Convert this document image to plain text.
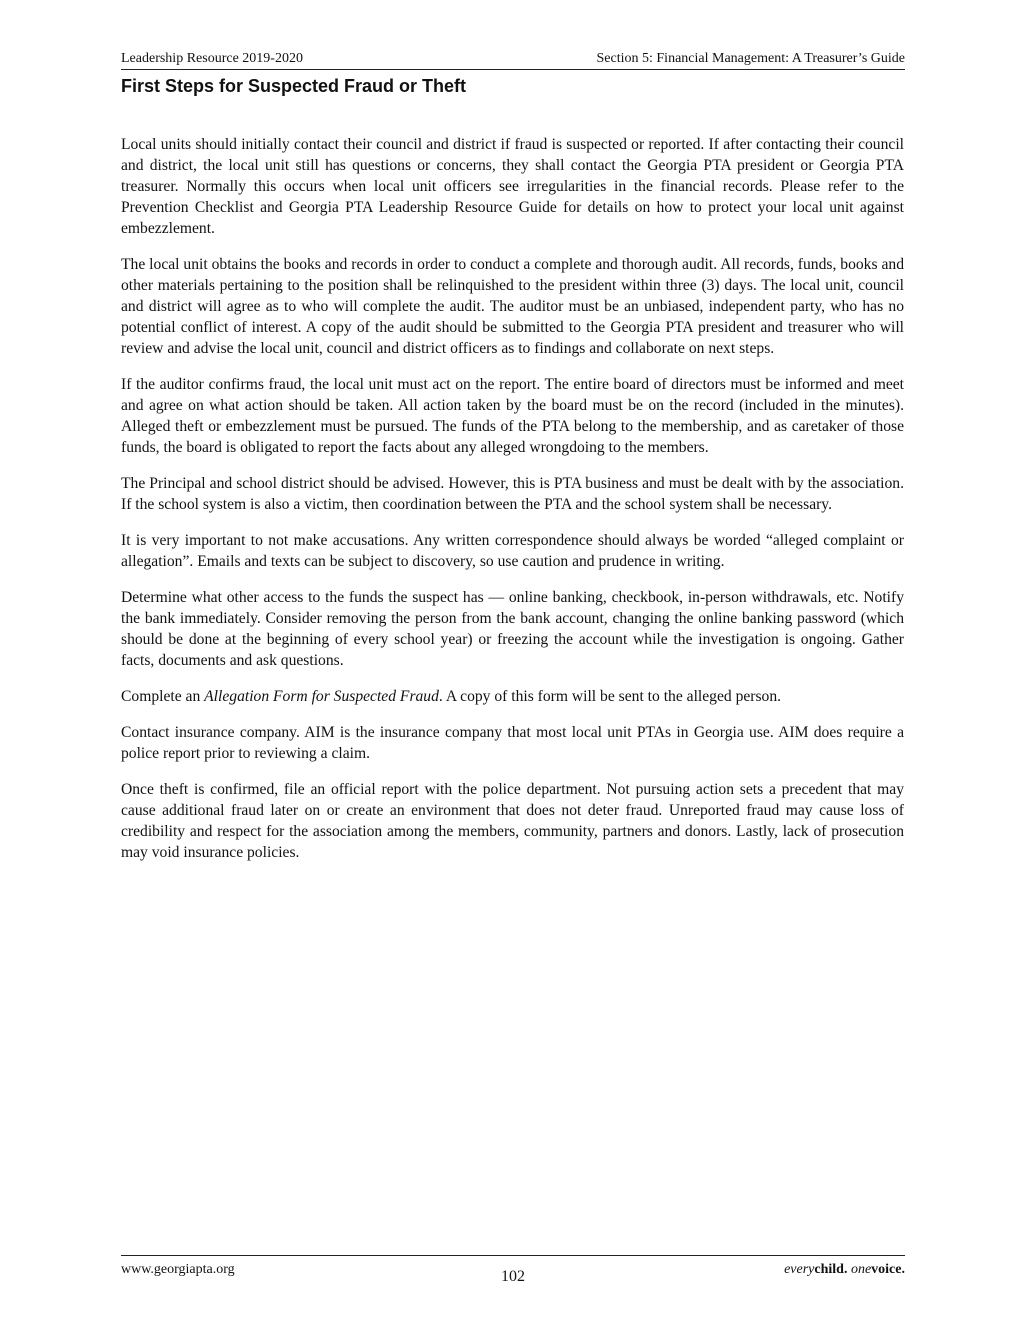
Leadership Resource 2019-2020	Section 5: Financial Management: A Treasurer’s Guide
First Steps for Suspected Fraud or Theft

Local units should initially contact their council and district if fraud is suspected or reported. If after contacting their council and district, the local unit still has questions or concerns, they shall contact the Georgia PTA president or Georgia PTA treasurer. Normally this occurs when local unit officers see irregularities in the financial records. Please refer to the Prevention Checklist and Georgia PTA Leadership Resource Guide for details on how to protect your local unit against embezzlement.

The local unit obtains the books and records in order to conduct a complete and thorough audit. All records, funds, books and other materials pertaining to the position shall be relinquished to the president within three (3) days. The local unit, council and district will agree as to who will complete the audit. The auditor must be an unbiased, independent party, who has no potential conflict of interest. A copy of the audit should be submitted to the Georgia PTA president and treasurer who will review and advise the local unit, council and district officers as to findings and collaborate on next steps.

If the auditor confirms fraud, the local unit must act on the report. The entire board of directors must be informed and meet and agree on what action should be taken. All action taken by the board must be on the record (included in the minutes). Alleged theft or embezzlement must be pursued. The funds of the PTA belong to the membership, and as caretaker of those funds, the board is obligated to report the facts about any alleged wrongdoing to the members.

The Principal and school district should be advised. However, this is PTA business and must be dealt with by the association. If the school system is also a victim, then coordination between the PTA and the school system shall be necessary.

It is very important to not make accusations. Any written correspondence should always be worded “alleged complaint or allegation”. Emails and texts can be subject to discovery, so use caution and prudence in writing.

Determine what other access to the funds the suspect has — online banking, checkbook, in-person withdrawals, etc. Notify the bank immediately. Consider removing the person from the bank account, changing the online banking password (which should be done at the beginning of every school year) or freezing the account while the investigation is ongoing. Gather facts, documents and ask questions.

Complete an Allegation Form for Suspected Fraud. A copy of this form will be sent to the alleged person.

Contact insurance company. AIM is the insurance company that most local unit PTAs in Georgia use. AIM does require a police report prior to reviewing a claim.

Once theft is confirmed, file an official report with the police department. Not pursuing action sets a precedent that may cause additional fraud later on or create an environment that does not deter fraud. Unreported fraud may cause loss of credibility and respect for the association among the members, community, partners and donors. Lastly, lack of prosecution may void insurance policies.

www.georgiapta.org	102	everychild. onevoice.
